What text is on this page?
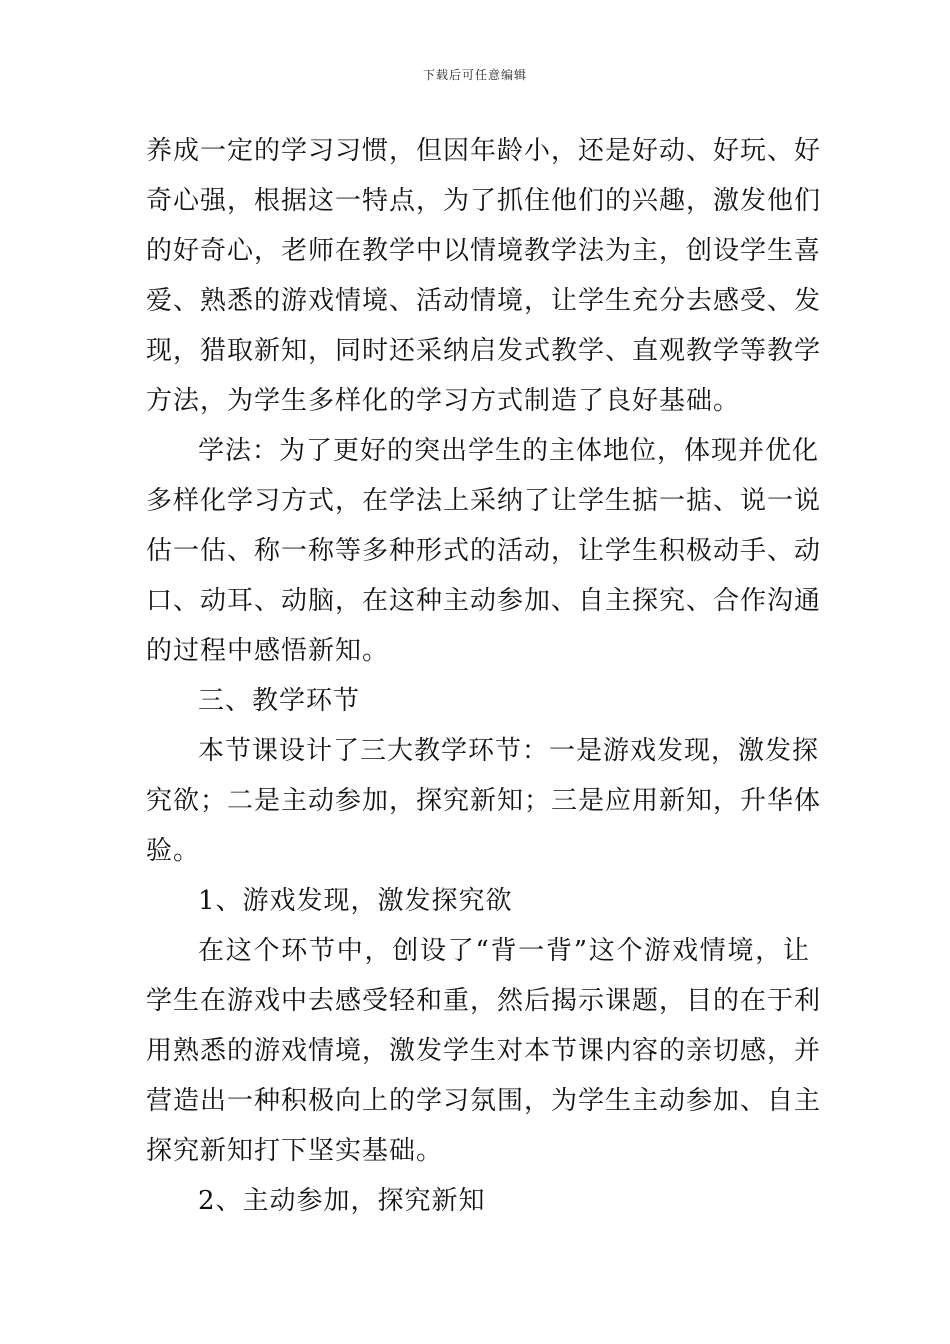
下载后可任意编辑
养成一定的学习习惯，但因年龄小，还是好动、好玩、好
奇心强，根据这一特点，为了抓住他们的兴趣，激发他们
的好奇心，老师在教学中以情境教学法为主，创设学生喜
爱、熟悉的游戏情境、活动情境，让学生充分去感受、发
现，猎取新知，同时还采纳启发式教学、直观教学等教学
方法，为学生多样化的学习方式制造了良好基础。
学法：为了更好的突出学生的主体地位，体现并优化
多样化学习方式，在学法上采纳了让学生掂一掂、说一说
估一估、称一称等多种形式的活动，让学生积极动手、动
口、动耳、动脑，在这种主动参加、自主探究、合作沟通
的过程中感悟新知。
三、教学环节
本节课设计了三大教学环节：一是游戏发现，激发探
究欲；二是主动参加，探究新知；三是应用新知，升华体
验。
1、游戏发现，激发探究欲
在这个环节中，创设了“背一背”这个游戏情境，让
学生在游戏中去感受轻和重，然后揭示课题，目的在于利
用熟悉的游戏情境，激发学生对本节课内容的亲切感，并
营造出一种积极向上的学习氛围，为学生主动参加、自主
探究新知打下坚实基础。
2、主动参加，探究新知
